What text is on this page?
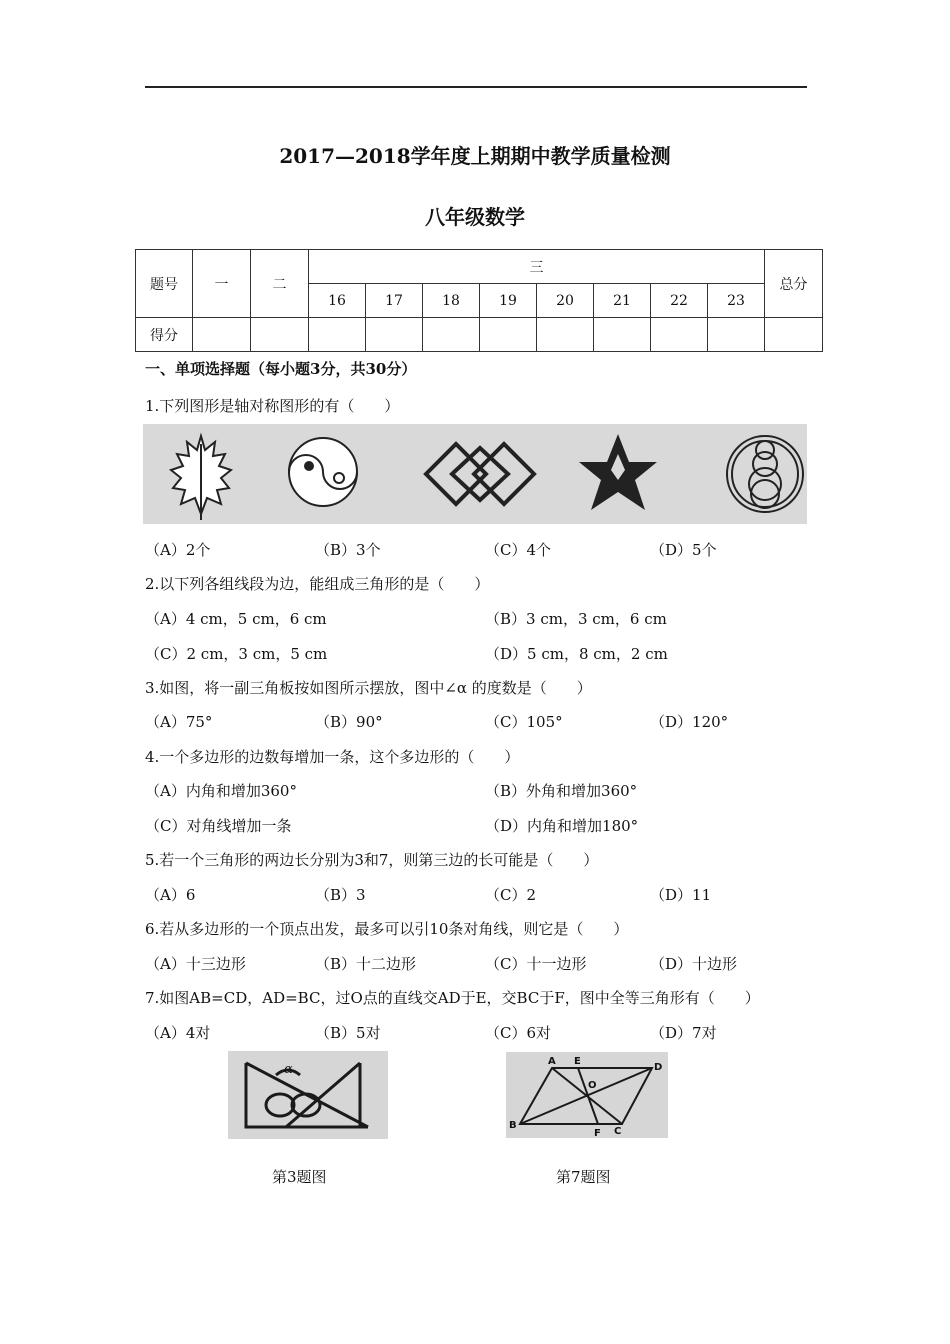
2017—2018学年度上期期中教学质量检测
八年级数学
题号	一	二	三								总分
			16	17	18	19	20	21	22	23	
得分											
一、单项选择题（每小题3分，共30分）
1.下列图形是轴对称图形的有（　　）
（A）2个	（B）3个	（C）4个	（D）5个
2.以下列各组线段为边，能组成三角形的是（　　）
（A）4 cm，5 cm，6 cm	（B）3 cm，3 cm，6 cm
（C）2 cm，3 cm，5 cm	（D）5 cm，8 cm，2 cm
3.如图，将一副三角板按如图所示摆放，图中∠α 的度数是（　　）
（A）75°	（B）90°	（C）105°	（D）120°
4.一个多边形的边数每增加一条，这个多边形的（　　）
（A）内角和增加360°	（B）外角和增加360°
（C）对角线增加一条	（D）内角和增加180°
5.若一个三角形的两边长分别为3和7，则第三边的长可能是（　　）
（A）6	（B）3	（C）2	（D）11
6.若从多边形的一个顶点出发，最多可以引10条对角线，则它是（　　）
（A）十三边形	（B）十二边形	（C）十一边形	（D）十边形
7.如图AB=CD，AD=BC，过O点的直线交AD于E，交BC于F，图中全等三角形有（　　）
（A）4对	（B）5对	（C）6对	（D）7对
α
第3题图
A E
D
O
B
F C
第7题图
